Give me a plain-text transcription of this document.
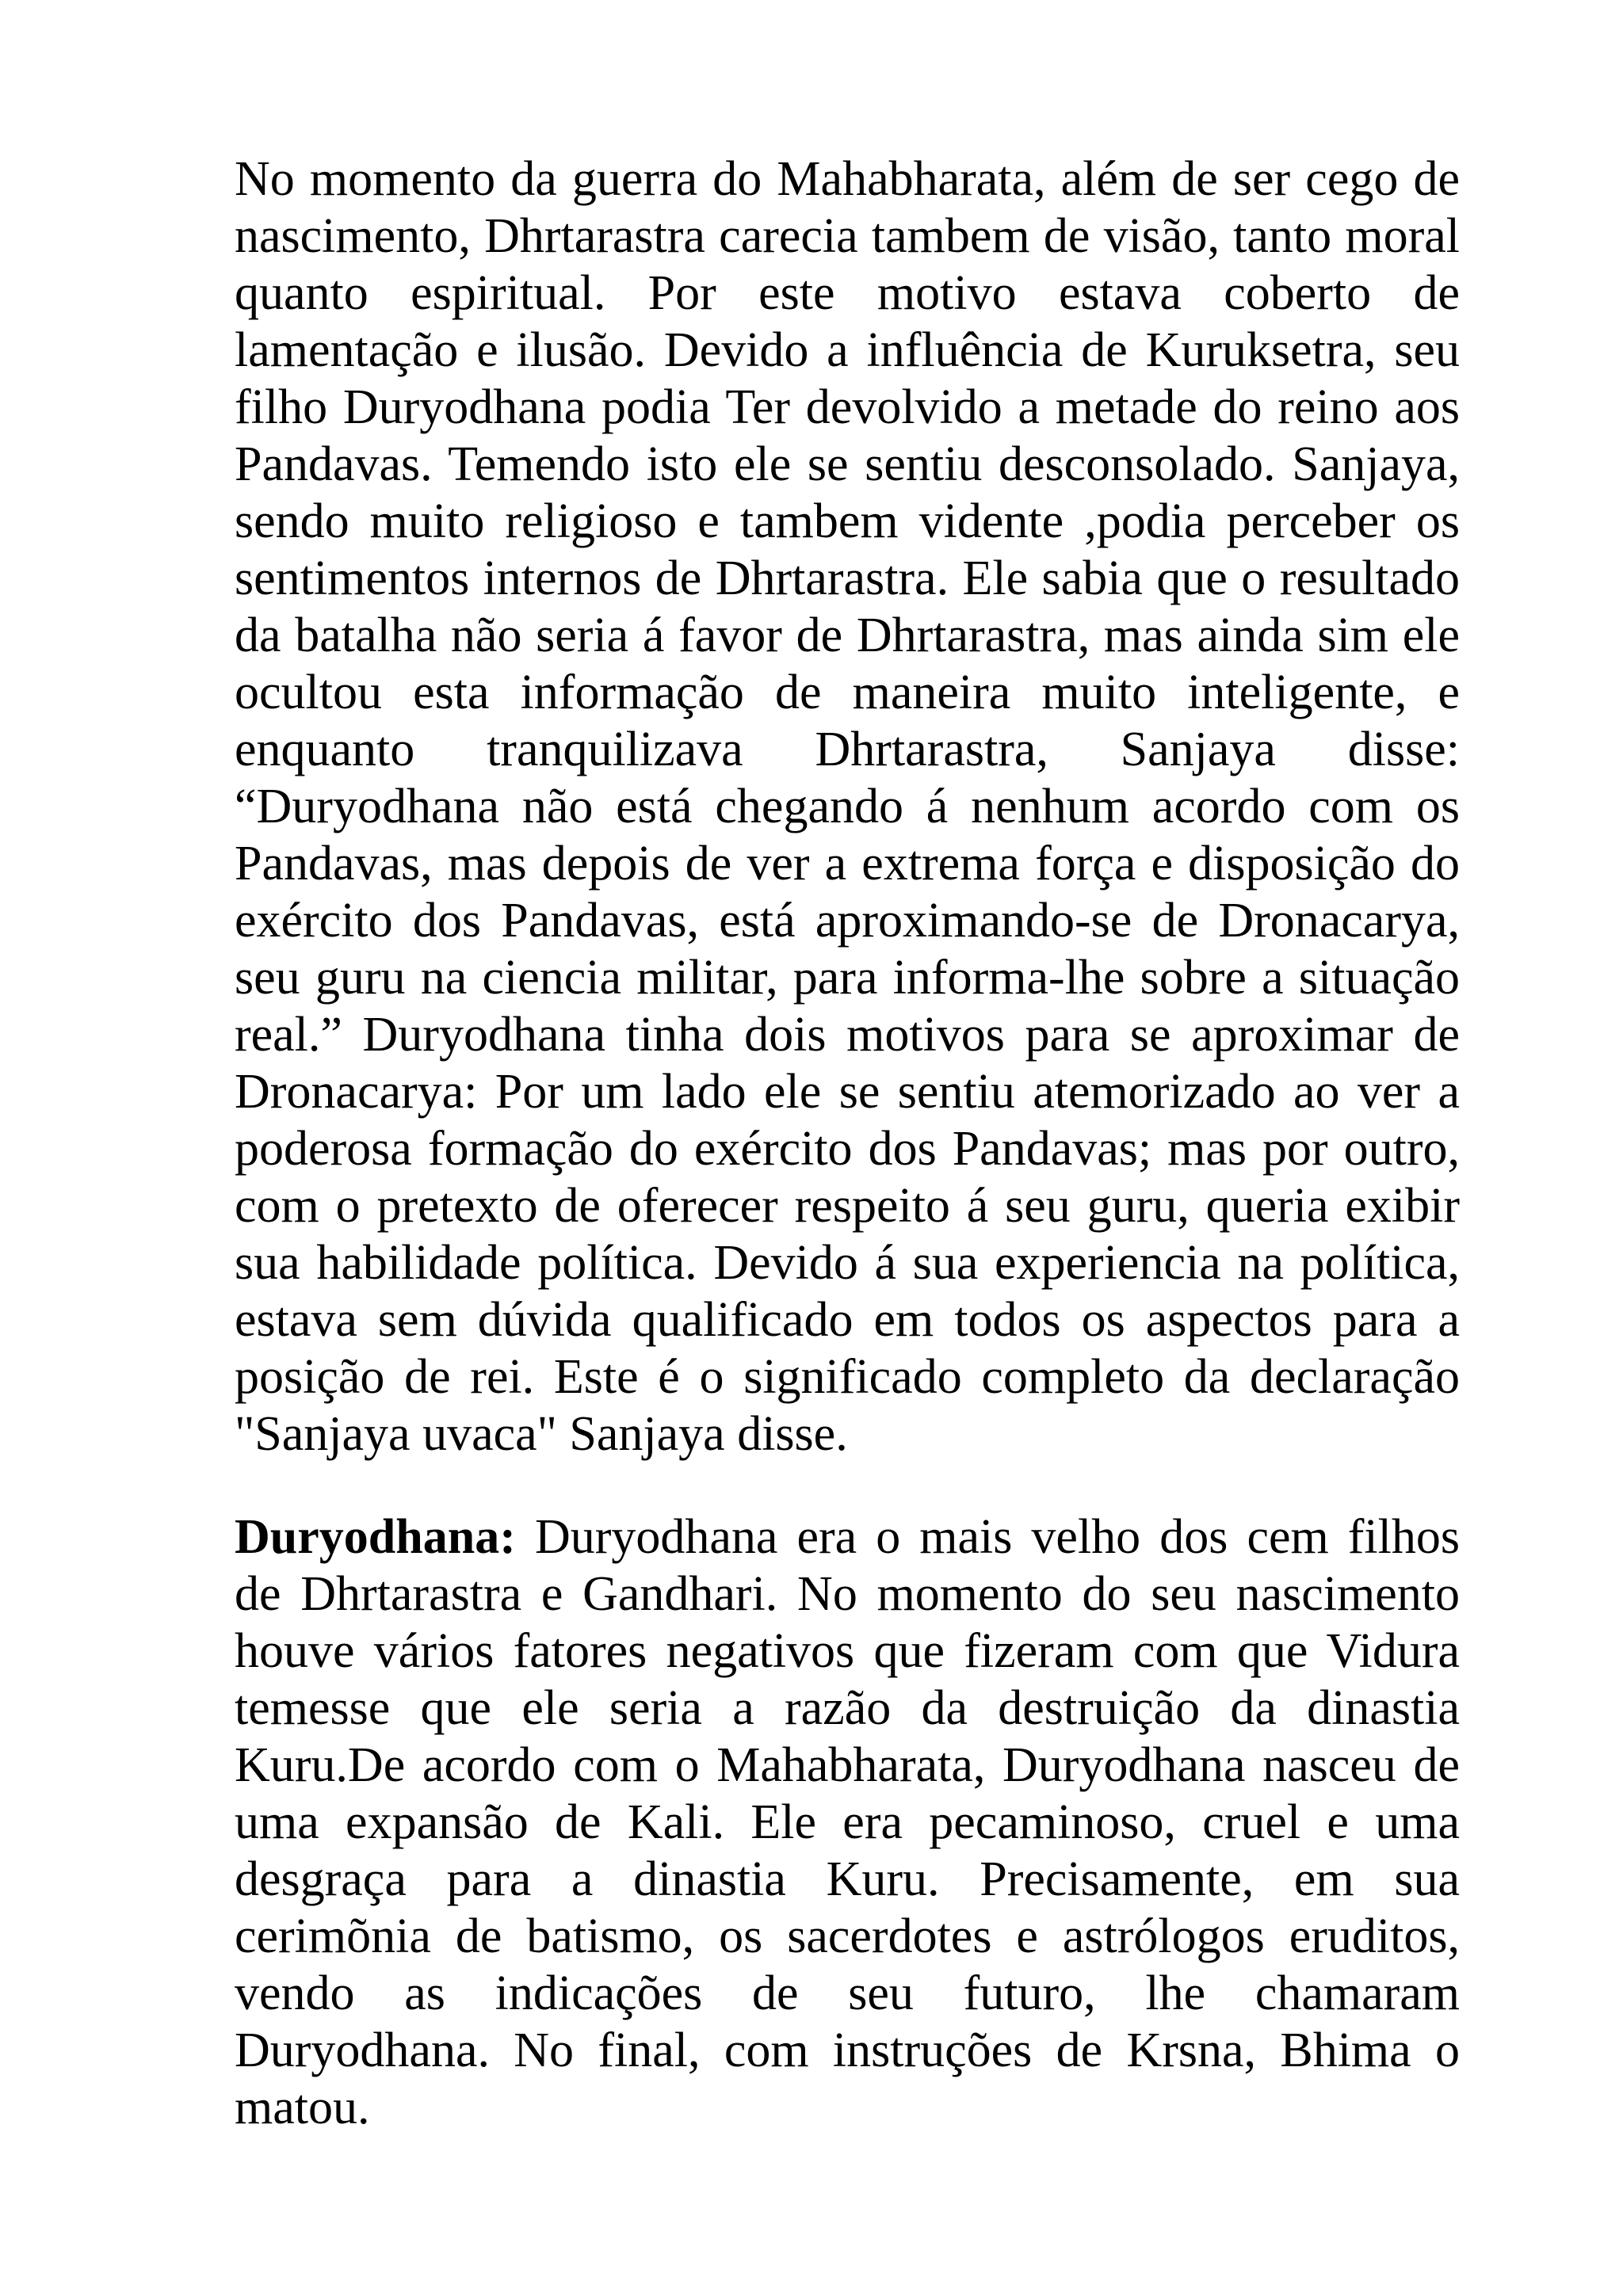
No momento da guerra do Mahabharata, além de ser cego de
nascimento, Dhrtarastra carecia tambem de visão, tanto moral
quanto espiritual. Por este motivo estava coberto de
lamentação e ilusão. Devido a influência de Kuruksetra, seu
filho Duryodhana podia Ter devolvido a metade do reino aos
Pandavas. Temendo isto ele se sentiu desconsolado. Sanjaya,
sendo muito religioso e tambem vidente ,podia perceber os
sentimentos internos de Dhrtarastra. Ele sabia que o resultado
da batalha não seria á favor de Dhrtarastra, mas ainda sim ele
ocultou esta informação de maneira muito inteligente, e
enquanto tranquilizava Dhrtarastra, Sanjaya disse:
“Duryodhana não está chegando á nenhum acordo com os
Pandavas, mas depois de ver a extrema força e disposição do
exército dos Pandavas, está aproximando-se de Dronacarya,
seu guru na ciencia militar, para informa-lhe sobre a situação
real.” Duryodhana tinha dois motivos para se aproximar de
Dronacarya: Por um lado ele se sentiu atemorizado ao ver a
poderosa formação do exército dos Pandavas; mas por outro,
com o pretexto de oferecer respeito á seu guru, queria exibir
sua habilidade política. Devido á sua experiencia na política,
estava sem dúvida qualificado em todos os aspectos para a
posição de rei. Este é o significado completo da declaração
"Sanjaya uvaca" Sanjaya disse.
Duryodhana: Duryodhana era o mais velho dos cem filhos
de Dhrtarastra e Gandhari. No momento do seu nascimento
houve vários fatores negativos que fizeram com que Vidura
temesse que ele seria a razão da destruição da dinastia
Kuru.De acordo com o Mahabharata, Duryodhana nasceu de
uma expansão de Kali. Ele era pecaminoso, cruel e uma
desgraça para a dinastia Kuru. Precisamente, em sua
cerimõnia de batismo, os sacerdotes e astrólogos eruditos,
vendo as indicações de seu futuro, lhe chamaram
Duryodhana. No final, com instruções de Krsna, Bhima o
matou.
